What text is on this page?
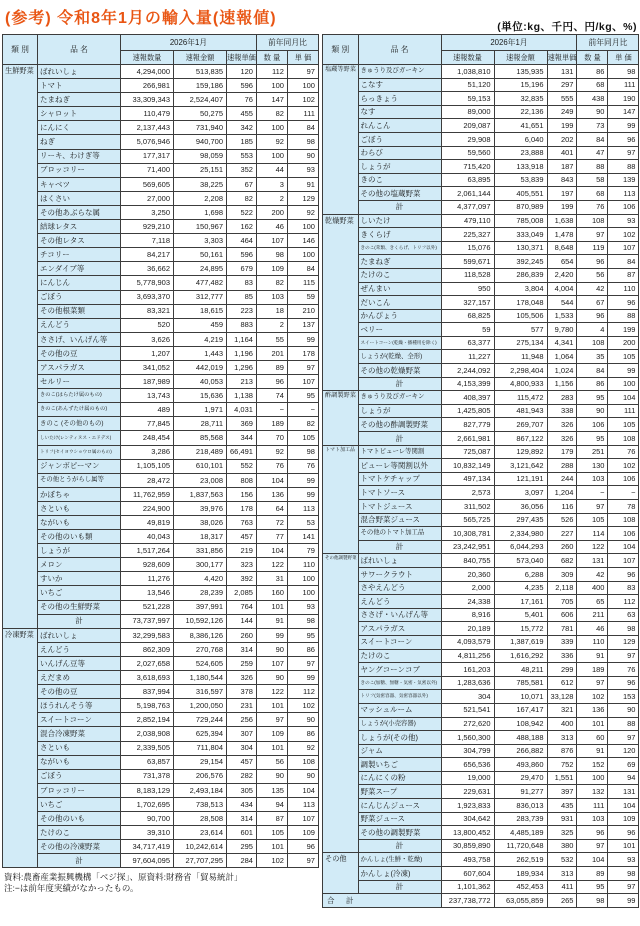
(参考) 令和8年1月の輸入量(速報値)	(単位:kg、千円、円/kg、%)
類 別	品 名	2026年1月			前年同月比	
		速報数量	速報金額	速報単価	数 量	単 価
生鮮野菜	ばれいしょ	4,294,000	513,835	120	112	97
	トマト	266,981	159,186	596	100	100
	たまねぎ	33,309,343	2,524,407	76	147	102
	シャロット	110,479	50,275	455	82	111
	にんにく	2,137,443	731,940	342	100	84
	ねぎ	5,076,946	940,700	185	92	98
	リーキ、わけぎ等	177,317	98,059	553	100	90
	ブロッコリー	71,400	25,151	352	44	93
	キャベツ	569,605	38,225	67	3	91
	はくさい	27,000	2,208	82	2	129
	その他あぶらな属	3,250	1,698	522	200	92
	結球レタス	929,210	150,967	162	46	100
	その他レタス	7,118	3,303	464	107	146
	チコリー	84,217	50,161	596	98	100
	エンダイブ等	36,662	24,895	679	109	84
	にんじん	5,778,903	477,482	83	82	115
	ごぼう	3,693,370	312,777	85	103	59
	その他根菜類	83,321	18,615	223	18	210
	えんどう	520	459	883	2	137
	ささげ、いんげん等	3,626	4,219	1,164	55	99
	その他の豆	1,207	1,443	1,196	201	178
	アスパラガス	341,052	442,019	1,296	89	97
	セルリー	187,989	40,053	213	96	107
	きのこ(はらたけ属のもの)	13,743	15,636	1,138	74	95
	きのこ(あんずたけ属のもの)	489	1,971	4,031	−	−
	きのこ (その他のもの)	77,845	28,711	369	189	82
	しいたけ(レンティヌス・エドデス)	248,454	85,568	344	70	105
	トリフ(セイヨウショウロ属のもの)	3,286	218,489	66,491	92	98
	ジャンボピーマン	1,105,105	610,101	552	76	76
	その他とうがらし属等	28,472	23,008	808	104	99
	かぼちゃ	11,762,959	1,837,563	156	136	99
	さといも	224,900	39,976	178	64	113
	ながいも	49,819	38,026	763	72	53
	その他のいも類	40,043	18,317	457	77	141
	しょうが	1,517,264	331,856	219	104	79
	メロン	928,609	300,177	323	122	110
	すいか	11,276	4,420	392	31	100
	いちご	13,546	28,239	2,085	160	100
	その他の生鮮野菜	521,228	397,991	764	101	93
	計	73,737,997	10,592,126	144	91	98
冷凍野菜	ばれいしょ	32,299,583	8,386,126	260	99	95
	えんどう	862,309	270,768	314	90	86
	いんげん豆等	2,027,658	524,605	259	107	97
	えだまめ	3,618,693	1,180,544	326	90	99
	その他の豆	837,994	316,597	378	122	112
	ほうれんそう等	5,198,763	1,200,050	231	101	102
	スイートコーン	2,852,194	729,244	256	97	90
	混合冷凍野菜	2,038,908	625,394	307	109	86
	さといも	2,339,505	711,804	304	101	92
	ながいも	63,857	29,154	457	56	108
	ごぼう	731,378	206,576	282	90	90
	ブロッコリー	8,183,129	2,493,184	305	135	104
	いちご	1,702,695	738,513	434	94	113
	その他のいも	90,700	28,508	314	87	107
	たけのこ	39,310	23,614	601	105	109
	その他の冷凍野菜	34,717,419	10,242,614	295	101	96
	計	97,604,095	27,707,295	284	102	97
類 別	品 名	2026年1月			前年同月比	
		速報数量	速報金額	速報単価	数 量	単 価
塩蔵等野菜	きゅうり及びガーキン	1,038,810	135,935	131	86	98
	こなす	51,120	15,196	297	68	111
	らっきょう	59,153	32,835	555	438	190
	なす	89,000	22,136	249	90	147
	れんこん	209,087	41,651	199	73	99
	ごぼう	29,908	6,040	202	84	96
	わらび	59,560	23,888	401	47	97
	しょうが	715,420	133,918	187	88	88
	きのこ	63,895	53,839	843	58	139
	その他の塩蔵野菜	2,061,144	405,551	197	68	113
	計	4,377,097	870,989	199	76	106
乾燥野菜	しいたけ	479,110	785,008	1,638	108	93
	きくらげ	225,327	333,049	1,478	97	102
	きのこ(茸類、きくらげ、トリフ以外)	15,076	130,371	8,648	119	107
	たまねぎ	599,671	392,245	654	96	84
	たけのこ	118,528	286,839	2,420	56	87
	ぜんまい	950	3,804	4,004	42	110
	だいこん	327,157	178,048	544	67	96
	かんぴょう	68,825	105,506	1,533	96	88
	ベリー	59	577	9,780	4	199
	スイートコーン(乾燥・播種用を除く)	63,377	275,134	4,341	108	200
	しょうが(乾燥、全形)	11,227	11,948	1,064	35	105
	その他の乾燥野菜	2,244,092	2,298,404	1,024	84	99
	計	4,153,399	4,800,933	1,156	86	100
酢調製野菜	きゅうり及びガーキン	408,397	115,472	283	95	104
	しょうが	1,425,805	481,943	338	90	111
	その他の酢調製野菜	827,779	269,707	326	106	105
	計	2,661,981	867,122	326	95	108
トマト加工品	トマトピューレ等関割	725,087	129,892	179	251	76
	ピューレ等関割以外	10,832,149	3,121,642	288	130	102
	トマトケチャップ	497,134	121,191	244	103	106
	トマトソース	2,573	3,097	1,204	−	−
	トマトジュース	311,502	36,056	116	97	78
	混合野菜ジュース	565,725	297,435	526	105	108
	その他のトマト加工品	10,308,781	2,334,980	227	114	106
	計	23,242,951	6,044,293	260	122	104
その他調製野菜	ばれいしょ	840,755	573,040	682	131	107
	サワークラウト	20,360	6,288	309	42	96
	さやえんどう	2,000	4,235	2,118	400	83
	えんどう	24,338	17,161	705	65	112
	ささげ・いんげん等	8,916	5,401	606	211	63
	アスパラガス	20,189	15,772	781	46	98
	スイートコーン	4,093,579	1,387,619	339	110	129
	たけのこ	4,811,256	1,616,292	336	91	97
	ヤングコーンコブ	161,203	48,211	299	189	76
	きのこ(加糖、無糖・気密・気密以外)	1,283,636	785,581	612	97	96
	トリフ(気密容器、気密容器以外)	304	10,071	33,128	102	153
	マッシュルーム	521,541	167,417	321	136	90
	しょうが(小売容器)	272,620	108,942	400	101	88
	しょうが(その他)	1,560,300	488,188	313	60	97
	ジャム	304,799	266,882	876	91	120
	調製いちご	656,536	493,860	752	152	69
	にんにくの粉	19,000	29,470	1,551	100	94
	野菜スープ	229,631	91,277	397	132	131
	にんじんジュース	1,923,833	836,013	435	111	104
	野菜ジュース	304,642	283,739	931	103	109
	その他の調製野菜	13,800,452	4,485,189	325	96	96
	計	30,859,890	11,720,648	380	97	101
その他	かんしょ(生鮮・乾燥)	493,758	262,519	532	104	93
	かんしょ(冷凍)	607,604	189,934	313	89	98
	計	1,101,362	452,453	411	95	97
合　計		237,738,772	63,055,859	265	98	99
資料:農畜産業振興機構「ベジ探」、原資料:財務省「貿易統計」
注:−は前年度実績がなかったもの。
